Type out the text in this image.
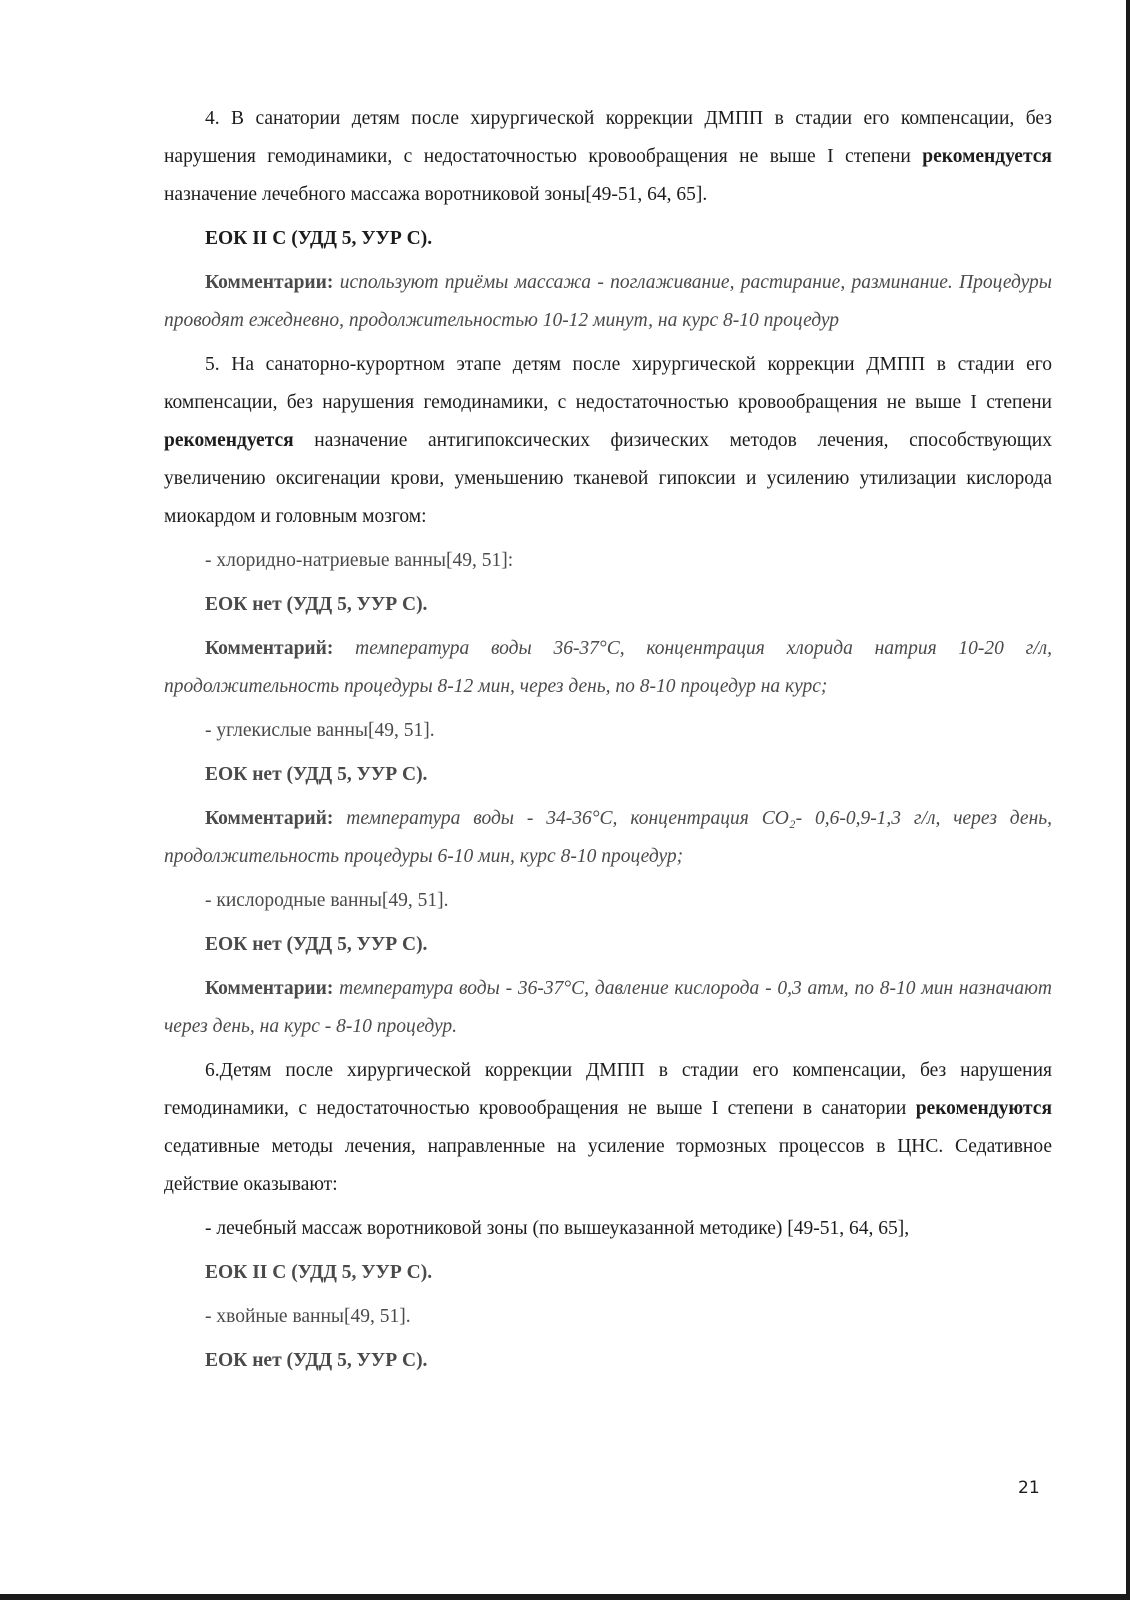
4. В санатории детям после хирургической коррекции ДМПП в стадии его компенсации, без нарушения гемодинамики, с недостаточностью кровообращения не выше I степени рекомендуется назначение лечебного массажа воротниковой зоны[49-51, 64, 65].

ЕОК II С (УДД 5, УУР С).

Комментарии: используют приёмы массажа - поглаживание, растирание, разминание. Процедуры проводят ежедневно, продолжительностью 10-12 минут, на курс 8-10 процедур

5. На санаторно-курортном этапе детям после хирургической коррекции ДМПП в стадии его компенсации, без нарушения гемодинамики, с недостаточностью кровообращения не выше I степени рекомендуется назначение антигипоксических физических методов лечения, способствующих увеличению оксигенации крови, уменьшению тканевой гипоксии и усилению утилизации кислорода миокардом и головным мозгом:

- хлоридно-натриевые ванны[49, 51]:

ЕОК нет (УДД 5, УУР С).

Комментарий: температура воды 36-37°С, концентрация хлорида натрия 10-20 г/л, продолжительность процедуры 8-12 мин, через день, по 8-10 процедур на курс;

- углекислые ванны[49, 51].

ЕОК нет (УДД 5, УУР С).

Комментарий: температура воды - 34-36°С, концентрация CO₂- 0,6-0,9-1,3 г/л, через день, продолжительность процедуры 6-10 мин, курс 8-10 процедур;

- кислородные ванны[49, 51].

ЕОК нет (УДД 5, УУР С).

Комментарии: температура воды - 36-37°С, давление кислорода - 0,3 атм, по 8-10 мин назначают через день, на курс - 8-10 процедур.

6.Детям после хирургической коррекции ДМПП в стадии его компенсации, без нарушения гемодинамики, с недостаточностью кровообращения не выше I степени в санатории рекомендуются седативные методы лечения, направленные на усиление тормозных процессов в ЦНС. Седативное действие оказывают:

- лечебный массаж воротниковой зоны (по вышеуказанной методике) [49-51, 64, 65],

ЕОК II С (УДД 5, УУР С).

- хвойные ванны[49, 51].

ЕОК нет (УДД 5, УУР С).

21
